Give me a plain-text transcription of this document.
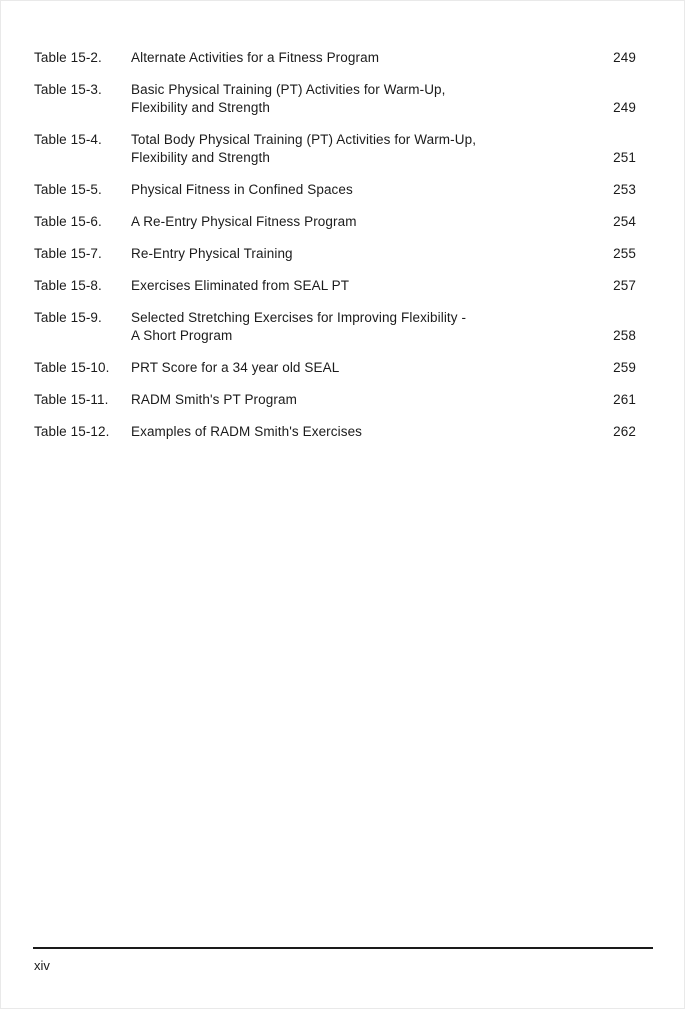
Table 15-2.	Alternate Activities for a Fitness Program	249
Table 15-3.	Basic Physical Training (PT) Activities for Warm-Up,
Flexibility and Strength	249
Table 15-4.	Total Body Physical Training (PT) Activities for Warm-Up,
Flexibility and Strength	251
Table 15-5.	Physical Fitness in Confined Spaces	253
Table 15-6.	A Re-Entry Physical Fitness Program	254
Table 15-7.	Re-Entry Physical Training	255
Table 15-8.	Exercises Eliminated from SEAL PT	257
Table 15-9.	Selected Stretching Exercises for Improving Flexibility -
A Short Program	258
Table 15-10.	PRT Score for a 34 year old SEAL	259
Table 15-11.	RADM Smith's PT Program	261
Table 15-12.	Examples of RADM Smith's Exercises	262
xiv
